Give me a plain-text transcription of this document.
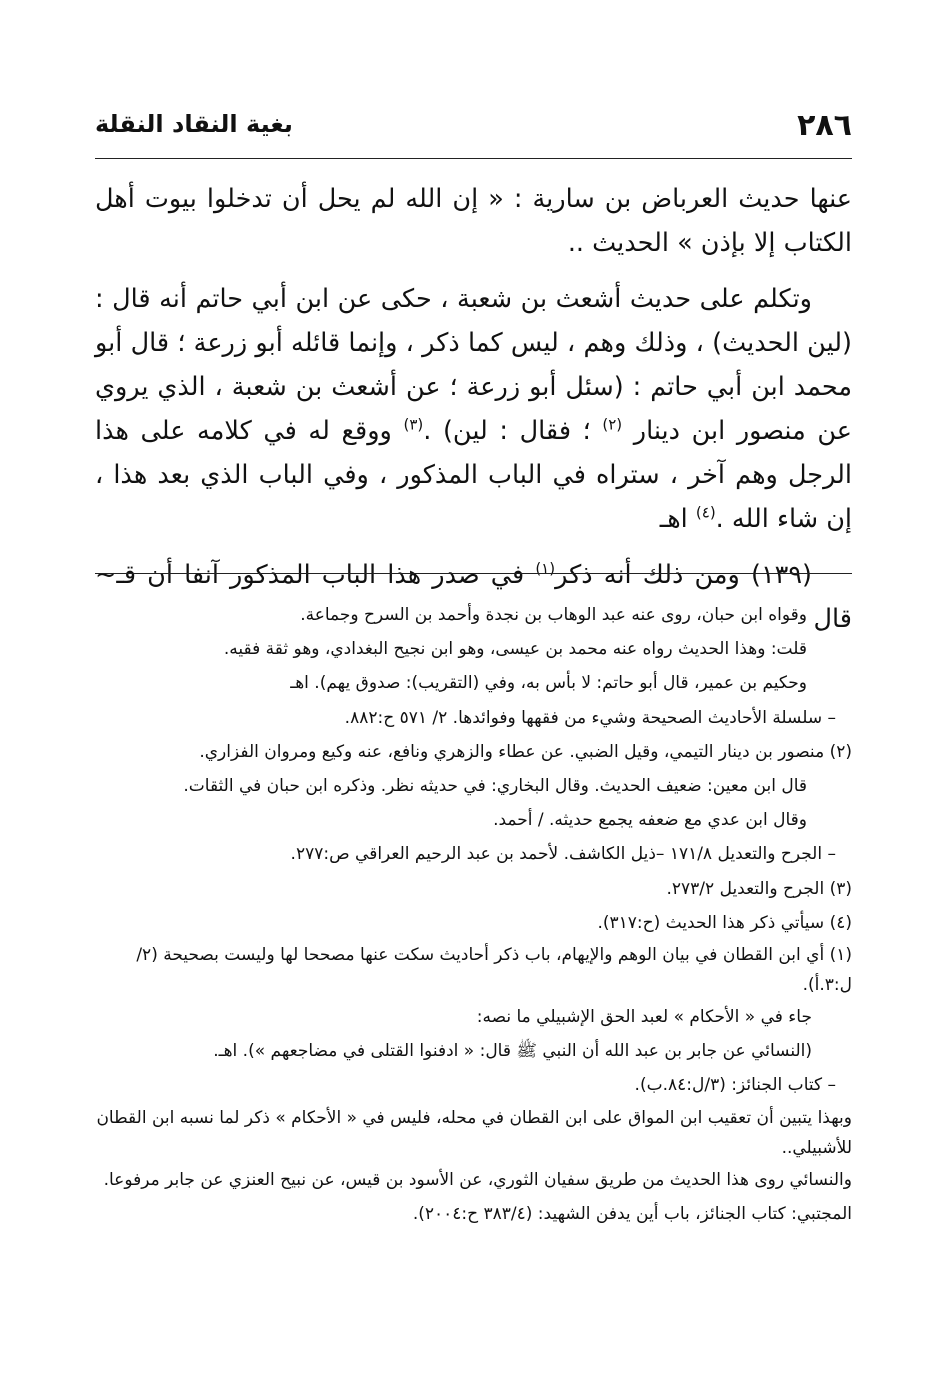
٢٨٦
بغية النقاد النقلة

عنها حديث العرباض بن سارية : « إن الله لم يحل أن تدخلوا بيوت أهل الكتاب إلا بإذن » الحديث ..

وتكلم على حديث أشعث بن شعبة ، حكى عن ابن أبي حاتم أنه قال : (لين الحديث) ، وذلك وهم ، ليس كما ذكر ، وإنما قائله أبو زرعة ؛ قال أبو محمد ابن أبي حاتم : (سئل أبو زرعة ؛ عن أشعث بن شعبة ، الذي يروي عن منصور ابن دينار $^{(٢)}$ ؛ فقال : لين) .$^{(٣)}$ ووقع له في كلامه على هذا الرجل وهم آخر ، ستراه في الباب المذكور ، وفي الباب الذي بعد هذا ، إن شاء الله .$^{(٤)}$ اهـ

(١٣٩) ومن ذلك أنه ذكر$^{(١)}$ في صدر هذا الباب المذكور آنفا أن قـ~ قال

وقواه ابن حبان، روى عنه عبد الوهاب بن نجدة وأحمد بن السرح وجماعة.
قلت: وهذا الحديث رواه عنه محمد بن عيسى، وهو ابن نجيح البغدادي، وهو ثقة فقيه.
وحكيم بن عمير، قال أبو حاتم: لا بأس به، وفي (التقريب): صدوق يهم). اهـ
– سلسلة الأحاديث الصحيحة وشيء من فقهها وفوائدها. ٢/ ٥٧١ ح:٨٨٢.
(٢) منصور بن دينار التيمي، وقيل الضبي. عن عطاء والزهري ونافع، عنه وكيع ومروان الفزاري.
قال ابن معين: ضعيف الحديث. وقال البخاري: في حديثه نظر. وذكره ابن حبان في الثقات.
وقال ابن عدي مع ضعفه يجمع حديثه. / أحمد.
– الجرح والتعديل ١٧١/٨ –ذيل الكاشف. لأحمد بن عبد الرحيم العراقي ص:٢٧٧.
(٣) الجرح والتعديل ٢٧٣/٢.
(٤) سيأتي ذكر هذا الحديث (ح:٣١٧).
(١) أي ابن القطان في بيان الوهم والإيهام، باب ذكر أحاديث سكت عنها مصححا لها وليست بصحيحة (٢/ ل:٣.أ).
جاء في « الأحكام » لعبد الحق الإشبيلي ما نصه:
(النسائي عن جابر بن عبد الله أن النبي ﷺ قال: « ادفنوا القتلى في مضاجعهم »). اهـ.
– كتاب الجنائز: (٣/ل:٨٤.ب).
وبهذا يتبين أن تعقيب ابن المواق على ابن القطان في محله، فليس في « الأحكام » ذكر لما نسبه ابن القطان للأشبيلي..
والنسائي روى هذا الحديث من طريق سفيان الثوري، عن الأسود بن قيس، عن نبيح العنزي عن جابر مرفوعا.
المجتبي: كتاب الجنائز، باب أين يدفن الشهيد: (٣٨٣/٤ ح:٢٠٠٤).
